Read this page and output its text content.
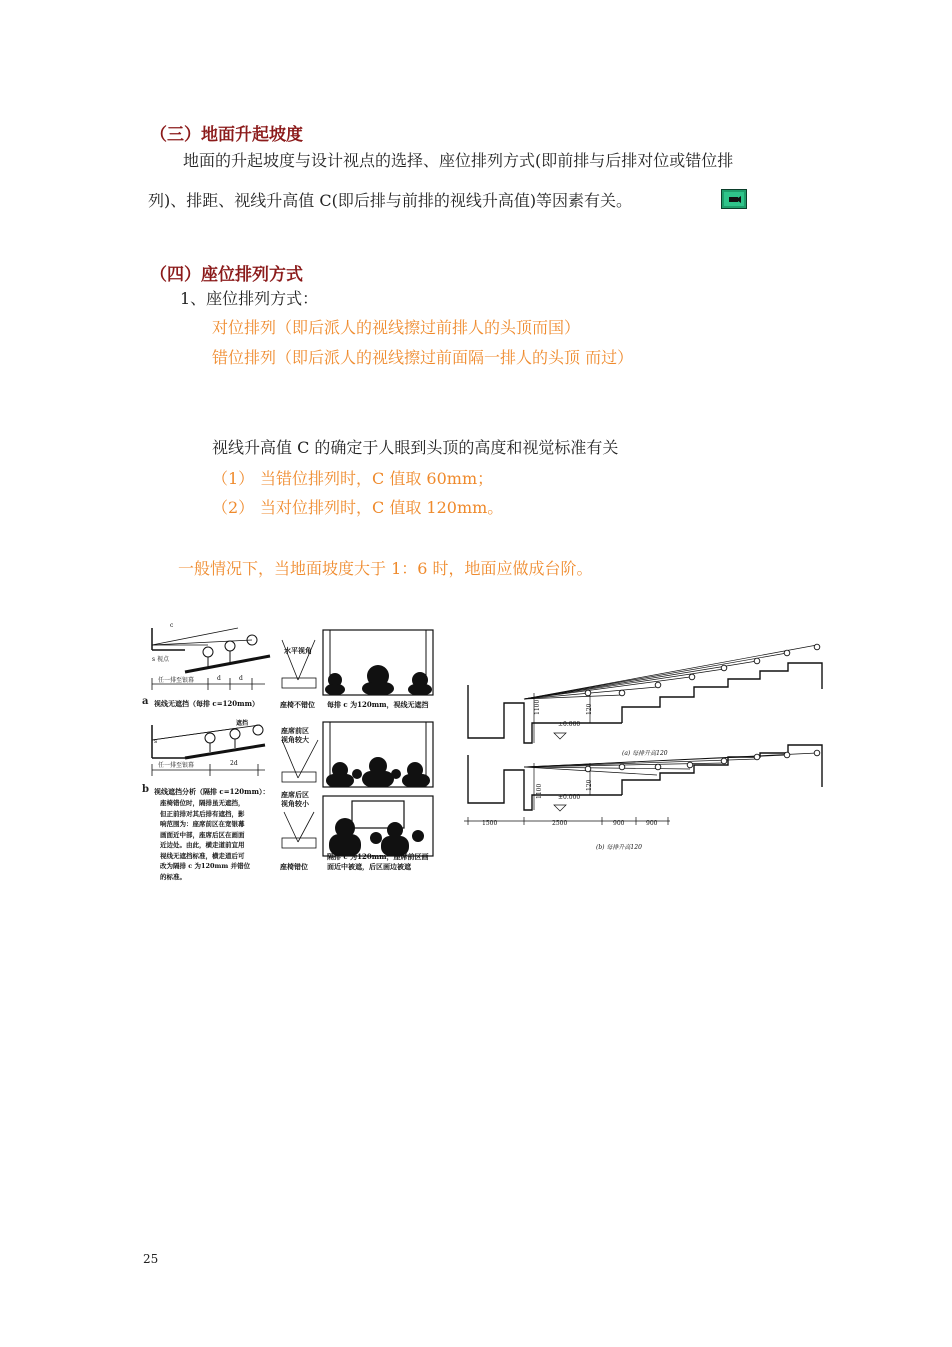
（三）地面升起坡度
地面的升起坡度与设计视点的选择、座位排列方式(即前排与后排对位或错位排
列)、排距、视线升高值 C(即后排与前排的视线升高值)等因素有关。
（四）座位排列方式
1、座位排列方式：
对位排列（即后派人的视线擦过前排人的头顶而国）
错位排列（即后派人的视线擦过前面隔一排人的头顶 而过）
视线升高值 C 的确定于人眼到头顶的高度和视觉标准有关
（1） 当错位排列时，C 值取 60mm；
（2） 当对位排列时，C 值取 120mm。
一般情况下，当地面坡度大于 1：6 时，地面应做成台阶。
c
s 视点
任一排至银幕	d	d
a 视线无遮挡（每排 c=120mm）
遮挡
s
任一排至银幕	2d
b 视线遮挡分析（隔排 c=120mm）：
座椅错位时，隔排虽无遮挡，
但正前排对其后排有遮挡，影
响范围为：座席前区在宽银幕
画面近中部，座席后区在画面
近边处。由此，横走道前宜用
视线无遮挡标准，横走道后可
改为隔排 c 为120mm 并错位
的标准。
水平视角
座椅不错位
座席前区
视角较大
座席后区
视角较小
座椅错位
每排 c 为120mm，视线无遮挡
隔排 c 为120mm，座席前区画
面近中被遮，后区画边被遮
1100	120
±0.000
(a) 每排升高120
1100	120
±0.000
1500	2500	900	900
(b) 每排升高120
25
